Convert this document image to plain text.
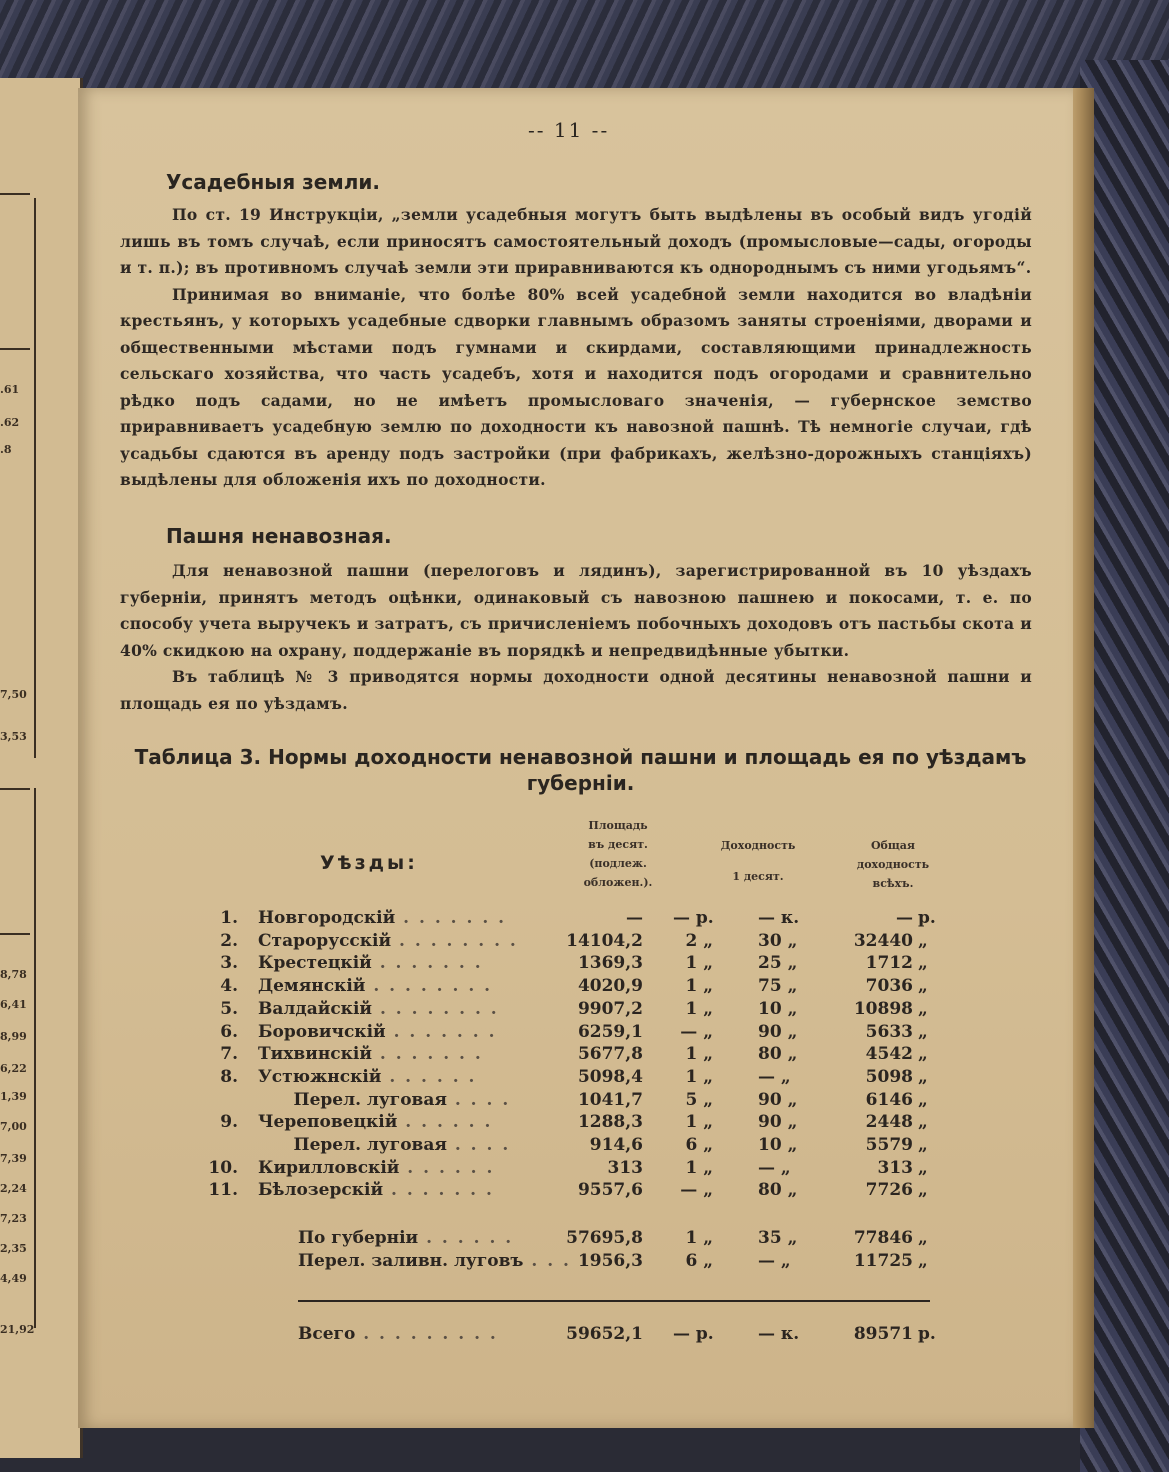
.61
.62
.8
7,50
3,53
8,78
6,41
8,99
6,22
1,39
7,00
7,39
2,24
7,23
2,35
4,49
21,92
-- 11 --
Усадебныя земли.

По ст. 19 Инструкціи, „земли усадебныя могутъ быть выдѣлены въ особый видъ угодій лишь въ томъ случаѣ, если приносятъ самостоятельный доходъ (промысловые—сады, огороды и т. п.); въ противномъ случаѣ земли эти приравниваются къ однороднымъ съ ними угодьямъ“.

Принимая во вниманіе, что болѣе 80% всей усадебной земли находится во владѣніи крестьянъ, у которыхъ усадебные сдворки главнымъ образомъ заняты строеніями, дворами и общественными мѣстами подъ гумнами и скирдами, составляющими принадлежность сельскаго хозяйства, что часть усадебъ, хотя и находится подъ огородами и сравнительно рѣдко подъ садами, но не имѣетъ промысловаго значенія, — губернское земство приравниваетъ усадебную землю по доходности къ навозной пашнѣ. Тѣ немногіе случаи, гдѣ усадьбы сдаются въ аренду подъ застройки (при фабрикахъ, желѣзно-дорожныхъ станціяхъ) выдѣлены для обложенія ихъ по доходности.

Пашня ненавозная.

Для ненавозной пашни (перелоговъ и лядинъ), зарегистрированной въ 10 уѣздахъ губерніи, принятъ методъ оцѣнки, одинаковый съ навозною пашнею и покосами, т. е. по способу учета выручекъ и затратъ, съ причисленіемъ побочныхъ доходовъ отъ пастьбы скота и 40% скидкою на охрану, поддержаніе въ порядкѣ и непредвидѣнные убытки.

Въ таблицѣ № 3 приводятся нормы доходности одной десятины ненавозной пашни и площадь ея по уѣздамъ.

Таблица 3. Нормы доходности ненавозной пашни и площадь ея по уѣздамъ губерніи.
Уѣзды:
Площадь
въ десят.
(подлеж.
обложен.).
Доходность
1 десят.
Общая
доходность
всѣхъ.
1. Новгородскій . . . . . . .	— — р.	— к.	— р.
2. Старорусскій . . . . . . . .	14104,2	2 „	30 „	32440 „
3. Крестецкій . . . . . . .	1369,3	1 „	25 „	1712 „
4. Демянскій . . . . . . . .	4020,9	1 „	75 „	7036 „
5. Валдайскій . . . . . . . .	9907,2	1 „	10 „	10898 „
6. Боровичскій . . . . . . .	6259,1	— „	90 „	5633 „
7. Тихвинскій . . . . . . .	5677,8	1 „	80 „	4542 „
8. Устюжнскій . . . . . .	5098,4	1 „	— „	5098 „
Перел. луговая . . . .	1041,7	5 „	90 „	6146 „
9. Череповецкій . . . . . .	1288,3	1 „	90 „	2448 „
Перел. луговая . . . .	914,6	6 „	10 „	5579 „
10. Кирилловскій . . . . . .	313	1 „	— „	313 „
11. Бѣлозерскій . . . . . . .	9557,6	— „	80 „	7726 „
По губерніи . . . . . .	57695,8	1 „	35 „	77846 „
Перел. заливн. луговъ . . . 1956,3	6 „	— „	11725 „
Всего . . . . . . . . .	59652,1 — р.	— к.	89571 р.
